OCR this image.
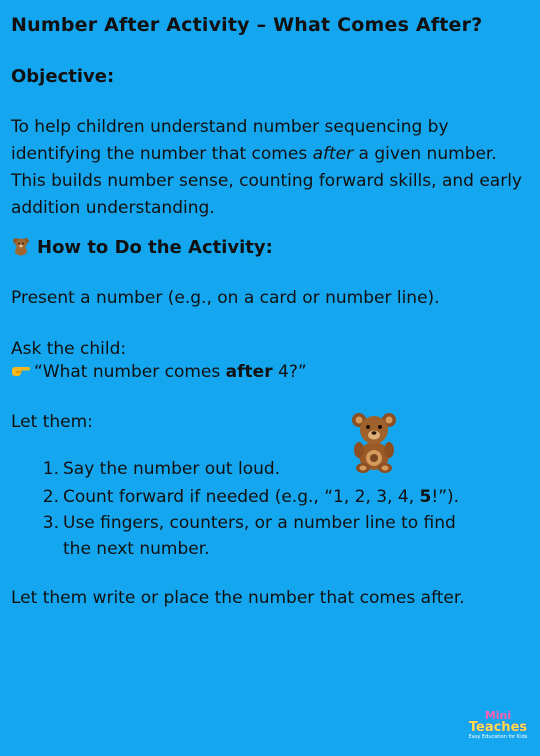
Number After Activity – What Comes After?
Objective:
To help children understand number sequencing by identifying the number that comes after a given number. This builds number sense, counting forward skills, and early addition understanding.
How to Do the Activity:
Present a number (e.g., on a card or number line).
Ask the child:
“What number comes after 4?”
Let them:
1. Say the number out loud.
2. Count forward if needed (e.g., “1, 2, 3, 4, 5!”).
3. Use fingers, counters, or a number line to find
the next number.
Let them write or place the number that comes after.
Mini
Teaches
Easy Education for Kids
